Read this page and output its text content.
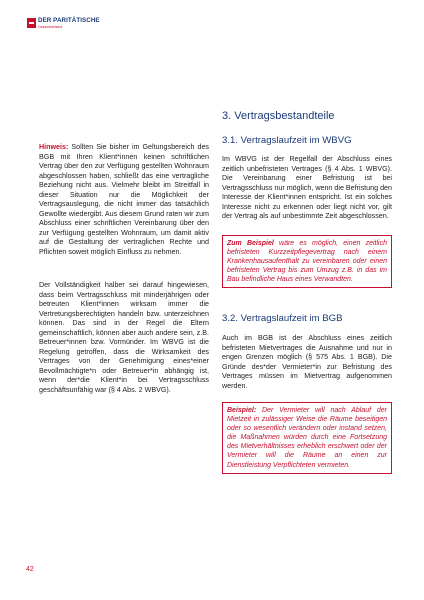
DER PARITÄTISCHE
Gesamtverband

Hinweis: Sollten Sie bisher im Geltungsbereich des BGB mit Ihren Klient*innen keinen schriftlichen Vertrag über den zur Verfügung gestellten Wohnraum abgeschlossen haben, schließt das eine vertragliche Beziehung nicht aus. Vielmehr bleibt im Streitfall in dieser Situation nur die Möglichkeit der Vertragsauslegung, die nicht immer das tatsächlich Gewollte wiedergibt. Aus diesem Grund raten wir zum Abschluss einer schriftlichen Vereinbarung über den zur Verfügung gestellten Wohnraum, um damit aktiv auf die Gestaltung der vertraglichen Rechte und Pflichten soweit möglich Einfluss zu nehmen.

Der Vollständigkeit halber sei darauf hingewiesen, dass beim Vertragsschluss mit minderjährigen oder betreuten Klient*innen wirksam immer die Vertretungsberechtigten handeln bzw. unterzeichnen können. Das sind in der Regel die Eltern gemeinschaftlich, können aber auch andere sein, z.B. Betreuer*innen bzw. Vormünder. Im WBVG ist die Regelung getroffen, dass die Wirksamkeit des Vertrages von der Genehmigung eines*einer Bevollmächtigte*n oder Betreuer*in abhängig ist, wenn der*die Klient*in bei Vertragsschluss geschäftsunfähig war (§ 4 Abs. 2 WBVG).

3. Vertragsbestandteile
3.1. Vertragslaufzeit im WBVG

Im WBVG ist der Regelfall der Abschluss eines zeitlich unbefristeten Vertrages (§ 4 Abs. 1 WBVG). Die Vereinbarung einer Befristung ist bei Vertragsschluss nur möglich, wenn die Befristung den Interesse der Klient*innen entspricht. Ist ein solches Interesse nicht zu erkennen oder liegt nicht vor, gilt der Vertrag als auf unbestimmte Zeit abgeschlossen.

Zum Beispiel wäre es möglich, einen zeitlich befristeten Kurzzeitpflegevertrag nach einem Krankenhausaufenthalt zu vereinbaren oder einen befristeten Vertrag bis zum Umzug z.B. in das im Bau befindliche Haus eines Verwandten.
3.2. Vertragslaufzeit im BGB

Auch im BGB ist der Abschluss eines zeitlich befristeten Mietvertrages die Ausnahme und nur in engen Grenzen möglich (§ 575 Abs. 1 BGB). Die Gründe des*der Vermieter*in zur Befristung des Vertrages müssen im Mietvertrag aufgenommen werden.

Beispiel: Der Vermieter will nach Ablauf der Mietzeit in zulässiger Weise die Räume beseitigen oder so wesentlich verändern oder instand setzen, die Maßnahmen würden durch eine Fortsetzung des Mietverhältnisses erheblich erschwert oder der Vermieter will die Räume an einen zur Dienstleistung Verpflichteten vermieten.
42
